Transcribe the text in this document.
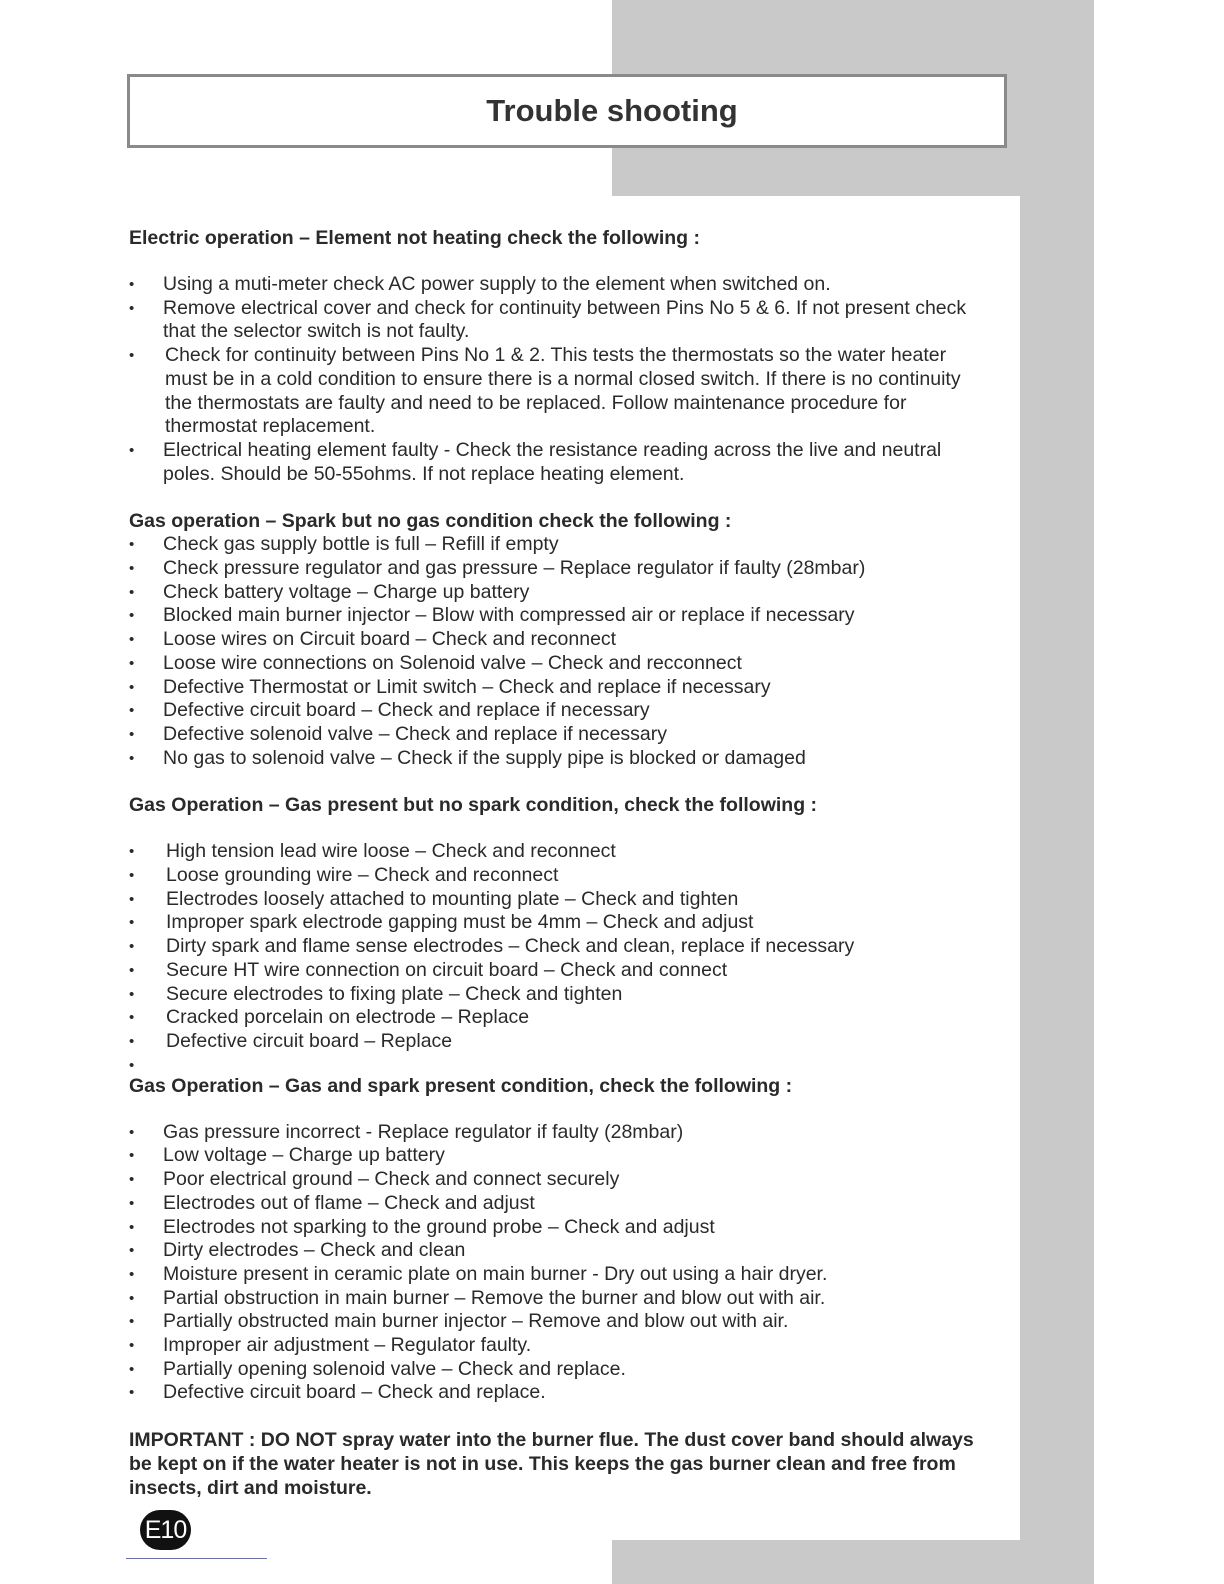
Trouble shooting
Electric operation – Element not heating check the following :
• Using a muti-meter check AC power supply to the element when switched on.
• Remove electrical cover and check for continuity between Pins No 5 & 6. If not present check that the selector switch is not faulty.
• Check for continuity between Pins No 1 & 2. This tests the thermostats so the water heater must be in a cold condition to ensure there is a normal closed switch. If there is no continuity the thermostats are faulty and need to be replaced. Follow maintenance procedure for thermostat replacement.
• Electrical heating element faulty - Check the resistance reading across the live and neutral poles. Should be 50-55ohms. If not replace heating element.
Gas operation – Spark but no gas condition check the following :
• Check gas supply bottle is full – Refill if empty
• Check pressure regulator and gas pressure – Replace regulator if faulty (28mbar)
• Check battery voltage – Charge up battery
• Blocked main burner injector – Blow with compressed air or replace if necessary
• Loose wires on Circuit board – Check and reconnect
• Loose wire connections on Solenoid valve – Check and recconnect
• Defective Thermostat or Limit switch – Check and replace if necessary
• Defective circuit board – Check and replace if necessary
• Defective solenoid valve – Check and replace if necessary
• No gas to solenoid valve – Check if the supply pipe is blocked or damaged
Gas Operation – Gas present but no spark condition, check the following :
• High tension lead wire loose – Check and reconnect
• Loose grounding wire – Check and reconnect
• Electrodes loosely attached to mounting plate – Check and tighten
• Improper spark electrode gapping must be 4mm – Check and adjust
• Dirty spark and flame sense electrodes – Check and clean, replace if necessary
• Secure HT wire connection on circuit board – Check and connect
• Secure electrodes to fixing plate – Check and tighten
• Cracked porcelain on electrode – Replace
• Defective circuit board – Replace
•
Gas Operation – Gas and spark present condition, check the following :
• Gas pressure incorrect - Replace regulator if faulty (28mbar)
• Low voltage – Charge up battery
• Poor electrical ground – Check and connect securely
• Electrodes out of flame – Check and adjust
• Electrodes not sparking to the ground probe – Check and adjust
• Dirty electrodes – Check and clean
• Moisture present in ceramic plate on main burner - Dry out using a hair dryer.
• Partial obstruction in main burner – Remove the burner and blow out with air.
• Partially obstructed main burner injector – Remove and blow out with air.
• Improper air adjustment – Regulator faulty.
• Partially opening solenoid valve – Check and replace.
• Defective circuit board – Check and replace.

IMPORTANT : DO NOT spray water into the burner flue. The dust cover band should always be kept on if the water heater is not in use. This keeps the gas burner clean and free from insects, dirt and moisture.

E10
